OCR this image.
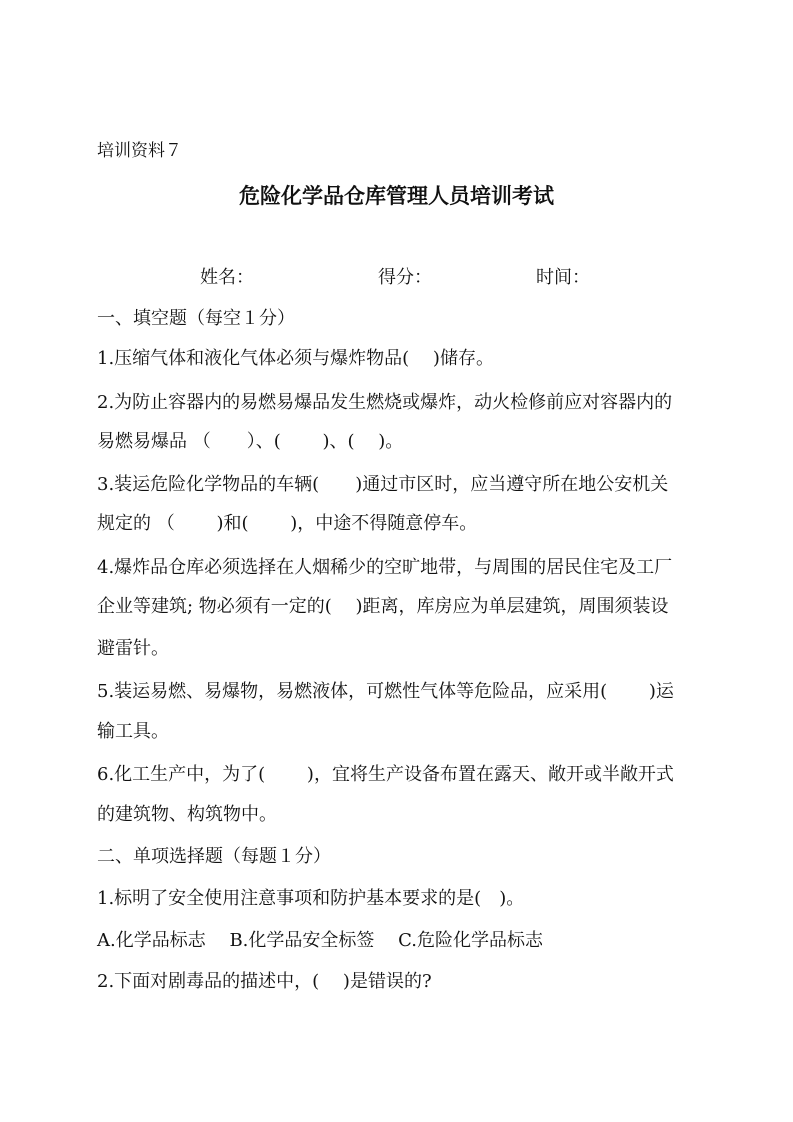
培训资料７
危险化学品仓库管理人员培训考试
姓名：	得分：	时间：
一、填空题（每空１分）
1.压缩气体和液化气体必须与爆炸物品(　 )储存。
2.为防止容器内的易燃易爆品发生燃烧或爆炸，动火检修前应对容器内的
易燃易爆品 （　　）、(　　 )、(　 )。
3.装运危险化学物品的车辆(　　)通过市区时，应当遵守所在地公安机关
规定的 （　　 )和(　　 )，中途不得随意停车。
4.爆炸品仓库必须选择在人烟稀少的空旷地带，与周围的居民住宅及工厂
企业等建筑; 物必须有一定的(　 )距离，库房应为单层建筑，周围须装设
避雷针。
5.装运易燃、易爆物，易燃液体，可燃性气体等危险品，应采用(　　 )运
输工具。
6.化工生产中，为了(　　 )，宜将生产设备布置在露天、敞开或半敞开式
的建筑物、构筑物中。
二、单项选择题（每题１分）
1.标明了安全使用注意事项和防护基本要求的是(　)。
A.化学品标志　 B.化学品安全标签　 C.危险化学品标志
2.下面对剧毒品的描述中，(　 )是错误的?
